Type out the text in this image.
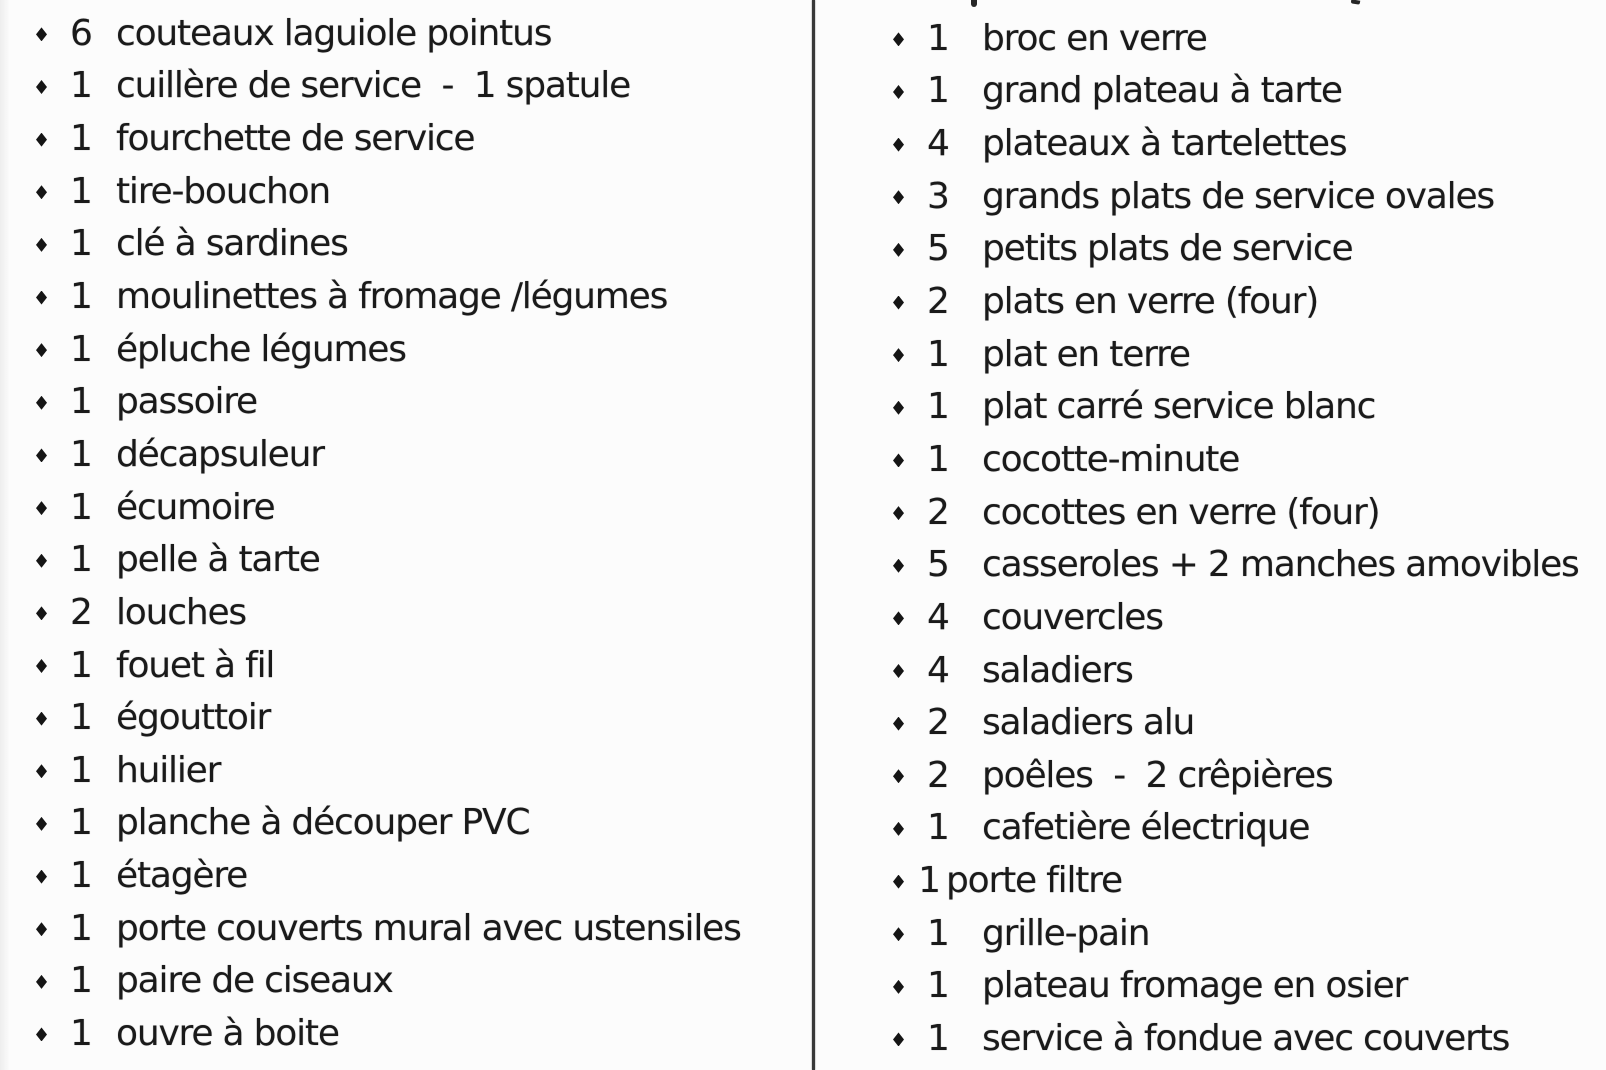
6 couteaux laguiole pointus
1 cuillère de service  -  1 spatule
1 fourchette de service
1 tire-bouchon
1 clé à sardines
1 moulinettes à fromage /légumes
1 épluche légumes
1 passoire
1 décapsuleur
1 écumoire
1 pelle à tarte
2 louches
1 fouet à fil
1 égouttoir
1 huilier
1 planche à découper PVC
1 étagère
1 porte couverts mural avec ustensiles
1 paire de ciseaux
1 ouvre à boite
1 broc en verre
1 grand plateau à tarte
4 plateaux à tartelettes
3 grands plats de service ovales
5 petits plats de service
2 plats en verre (four)
1 plat en terre
1 plat carré service blanc
1 cocotte-minute
2 cocottes en verre (four)
5 casseroles + 2 manches amovibles
4 couvercles
4 saladiers
2 saladiers alu
2 poêles  -  2 crêpières
1 cafetière électrique
1 porte filtre
1 grille-pain
1 plateau fromage en osier
1 service à fondue avec couverts
